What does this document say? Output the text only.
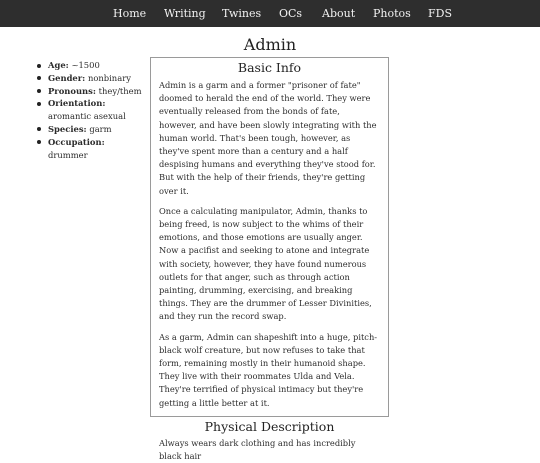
Home Writing Twines OCs About Photos FDS
Admin
Age: ~1500
Gender: nonbinary
Pronouns: they/them
Orientation: aromantic asexual
Species: garm
Occupation: drummer
Basic Info

Admin is a garm and a former "prisoner of fate" doomed to herald the end of the world. They were eventually released from the bonds of fate, however, and have been slowly integrating with the human world. That's been tough, however, as they've spent more than a century and a half despising humans and everything they've stood for. But with the help of their friends, they're getting over it.

Once a calculating manipulator, Admin, thanks to being freed, is now subject to the whims of their emotions, and those emotions are usually anger. Now a pacifist and seeking to atone and integrate with society, however, they have found numerous outlets for that anger, such as through action painting, drumming, exercising, and breaking things. They are the drummer of Lesser Divinities, and they run the record swap.

As a garm, Admin can shapeshift into a huge, pitch-black wolf creature, but now refuses to take that form, remaining mostly in their humanoid shape. They live with their roommates Ulda and Vela. They're terrified of physical intimacy but they're getting a little better at it.

Physical Description

Always wears dark clothing and has incredibly black hair
